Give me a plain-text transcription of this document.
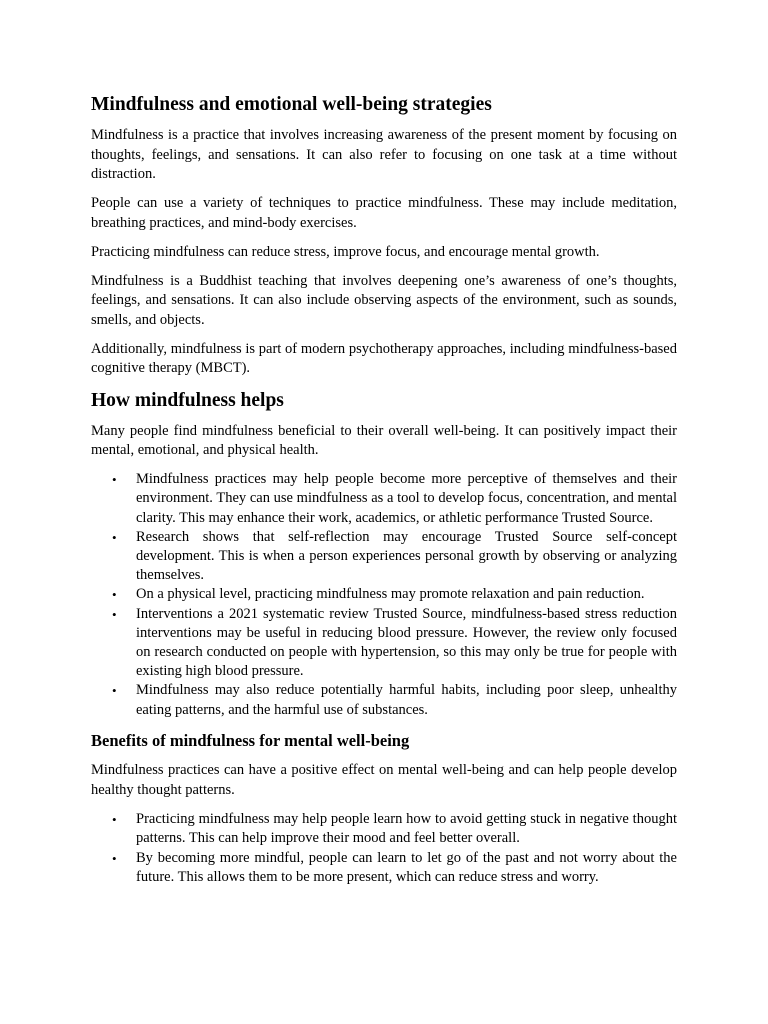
Mindfulness and emotional well-being strategies

Mindfulness is a practice that involves increasing awareness of the present moment by focusing on thoughts, feelings, and sensations. It can also refer to focusing on one task at a time without distraction.

People can use a variety of techniques to practice mindfulness. These may include meditation, breathing practices, and mind-body exercises.

Practicing mindfulness can reduce stress, improve focus, and encourage mental growth.

Mindfulness is a Buddhist teaching that involves deepening one’s awareness of one’s thoughts, feelings, and sensations. It can also include observing aspects of the environment, such as sounds, smells, and objects.

Additionally, mindfulness is part of modern psychotherapy approaches, including mindfulness-based cognitive therapy (MBCT).

How mindfulness helps

Many people find mindfulness beneficial to their overall well-being. It can positively impact their mental, emotional, and physical health.

• Mindfulness practices may help people become more perceptive of themselves and their environment. They can use mindfulness as a tool to develop focus, concentration, and mental clarity. This may enhance their work, academics, or athletic performance Trusted Source.
• Research shows that self-reflection may encourage Trusted Source self-concept development. This is when a person experiences personal growth by observing or analyzing themselves.
• On a physical level, practicing mindfulness may promote relaxation and pain reduction.
• Interventions a 2021 systematic review Trusted Source, mindfulness-based stress reduction interventions may be useful in reducing blood pressure. However, the review only focused on research conducted on people with hypertension, so this may only be true for people with existing high blood pressure.
• Mindfulness may also reduce potentially harmful habits, including poor sleep, unhealthy eating patterns, and the harmful use of substances.
Benefits of mindfulness for mental well-being

Mindfulness practices can have a positive effect on mental well-being and can help people develop healthy thought patterns.

• Practicing mindfulness may help people learn how to avoid getting stuck in negative thought patterns. This can help improve their mood and feel better overall.
• By becoming more mindful, people can learn to let go of the past and not worry about the future. This allows them to be more present, which can reduce stress and worry.
